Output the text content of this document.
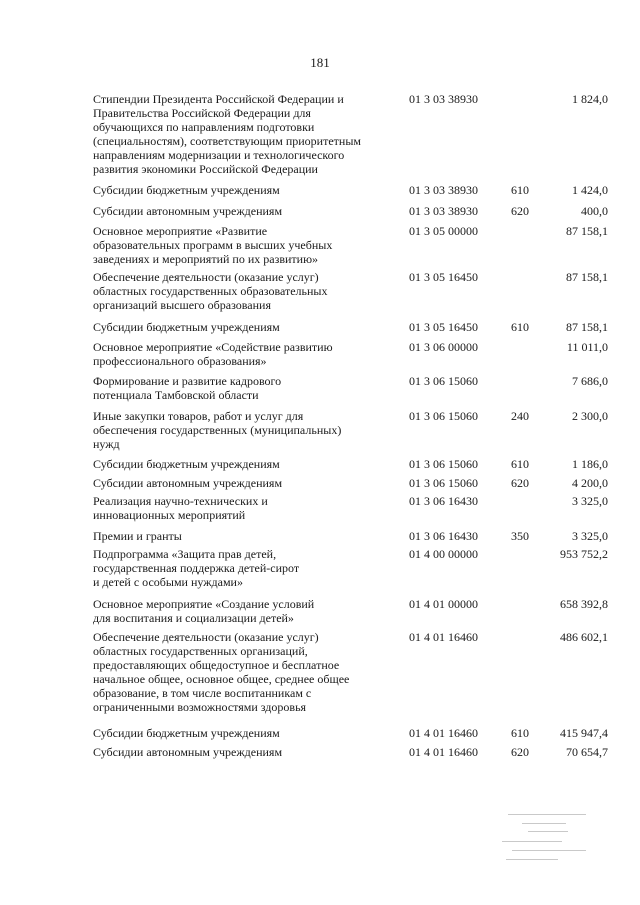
181
Стипендии Президента Российской Федерации и
Правительства Российской Федерации для
обучающихся по направлениям подготовки
(специальностям), соответствующим приоритетным
направлениям модернизации и технологического
развития экономики Российской Федерации
01 3 03 38930	1 824,0
Субсидии бюджетным учреждениям	01 3 03 38930	610	1 424,0
Субсидии автономным учреждениям	01 3 03 38930	620	400,0
Основное мероприятие «Развитие
образовательных программ в высших учебных
заведениях и мероприятий по их развитию»
01 3 05 00000	87 158,1
Обеспечение деятельности (оказание услуг)
областных государственных образовательных
организаций высшего образования
01 3 05 16450	87 158,1
Субсидии бюджетным учреждениям	01 3 05 16450	610	87 158,1
Основное мероприятие «Содействие развитию
профессионального образования»
01 3 06 00000	11 011,0
Формирование и развитие кадрового
потенциала Тамбовской области
01 3 06 15060	7 686,0
Иные закупки товаров, работ и услуг для
обеспечения государственных (муниципальных)
нужд
01 3 06 15060	240	2 300,0
Субсидии бюджетным учреждениям	01 3 06 15060	610	1 186,0
Субсидии автономным учреждениям	01 3 06 15060	620	4 200,0
Реализация научно-технических и
инновационных мероприятий
01 3 06 16430	3 325,0
Премии и гранты	01 3 06 16430	350	3 325,0
Подпрограмма «Защита прав детей,
государственная поддержка детей-сирот
и детей с особыми нуждами»
01 4 00 00000	953 752,2
Основное мероприятие «Создание условий
для воспитания и социализации детей»
01 4 01 00000	658 392,8
Обеспечение деятельности (оказание услуг)
областных государственных организаций,
предоставляющих общедоступное и бесплатное
начальное общее, основное общее, среднее общее
образование, в том числе воспитанникам с
ограниченными возможностями здоровья
01 4 01 16460	486 602,1
Субсидии бюджетным учреждениям	01 4 01 16460	610	415 947,4
Субсидии автономным учреждениям	01 4 01 16460	620	70 654,7
